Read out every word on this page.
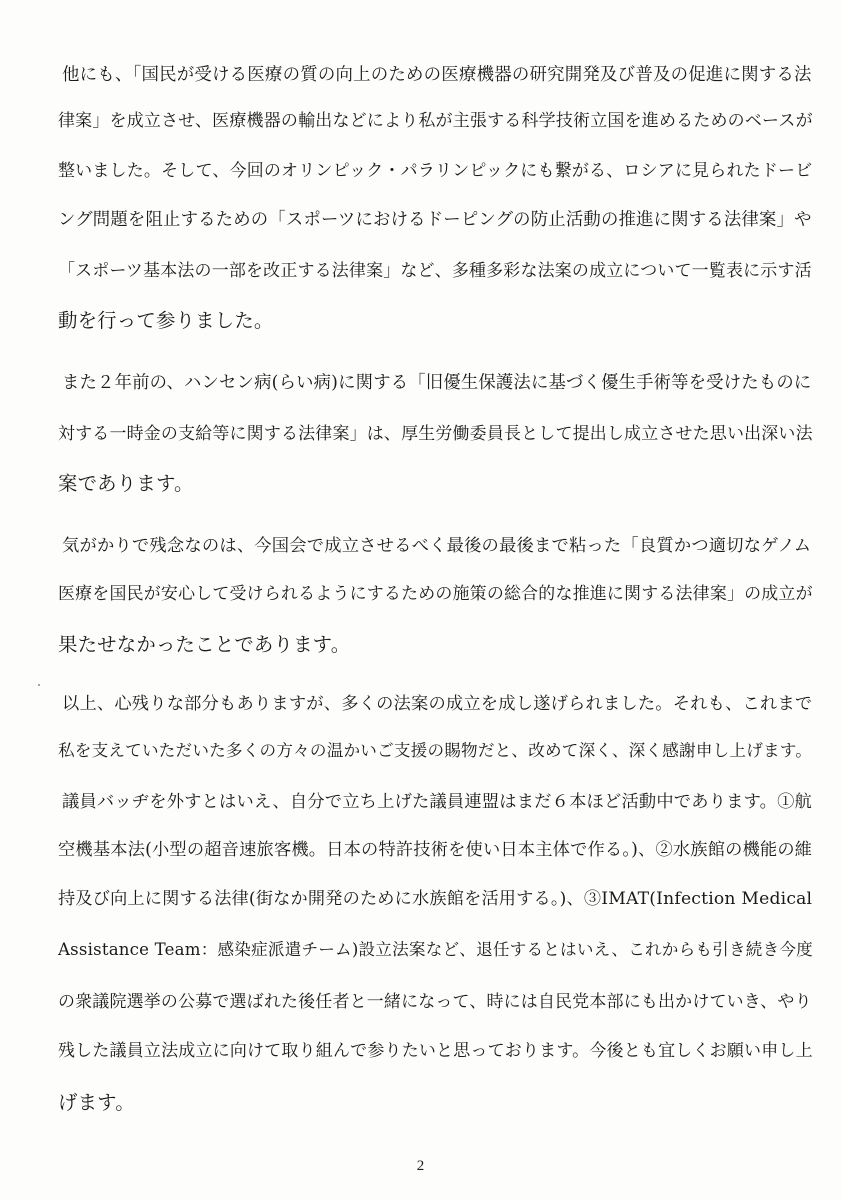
他にも、「国民が受ける医療の質の向上のための医療機器の研究開発及び普及の促進に関する法
律案」を成立させ、医療機器の輸出などにより私が主張する科学技術立国を進めるためのベースが
整いました。そして、今回のオリンピック・パラリンピックにも繋がる、ロシアに見られたドービ
ング問題を阻止するための「スポーツにおけるドーピングの防止活動の推進に関する法律案」や
「スポーツ基本法の一部を改正する法律案」など、多種多彩な法案の成立について一覧表に示す活
動を行って参りました。
また２年前の、ハンセン病(らい病)に関する「旧優生保護法に基づく優生手術等を受けたものに
対する一時金の支給等に関する法律案」は、厚生労働委員長として提出し成立させた思い出深い法
案であります。
気がかりで残念なのは、今国会で成立させるべく最後の最後まで粘った「良質かつ適切なゲノム
医療を国民が安心して受けられるようにするための施策の総合的な推進に関する法律案」の成立が
果たせなかったことであります。
以上、心残りな部分もありますが、多くの法案の成立を成し遂げられました。それも、これまで
私を支えていただいた多くの方々の温かいご支援の賜物だと、改めて深く、深く感謝申し上げます。
議員バッヂを外すとはいえ、自分で立ち上げた議員連盟はまだ６本ほど活動中であります。①航
空機基本法(小型の超音速旅客機。日本の特許技術を使い日本主体で作る。)、②水族館の機能の維
持及び向上に関する法律(街なか開発のために水族館を活用する。)、③IMAT(Infection Medical
Assistance Team：感染症派遣チーム)設立法案など、退任するとはいえ、これからも引き続き今度
の衆議院選挙の公募で選ばれた後任者と一緒になって、時には自民党本部にも出かけていき、やり
残した議員立法成立に向けて取り組んで参りたいと思っております。今後とも宜しくお願い申し上
げます。
2
